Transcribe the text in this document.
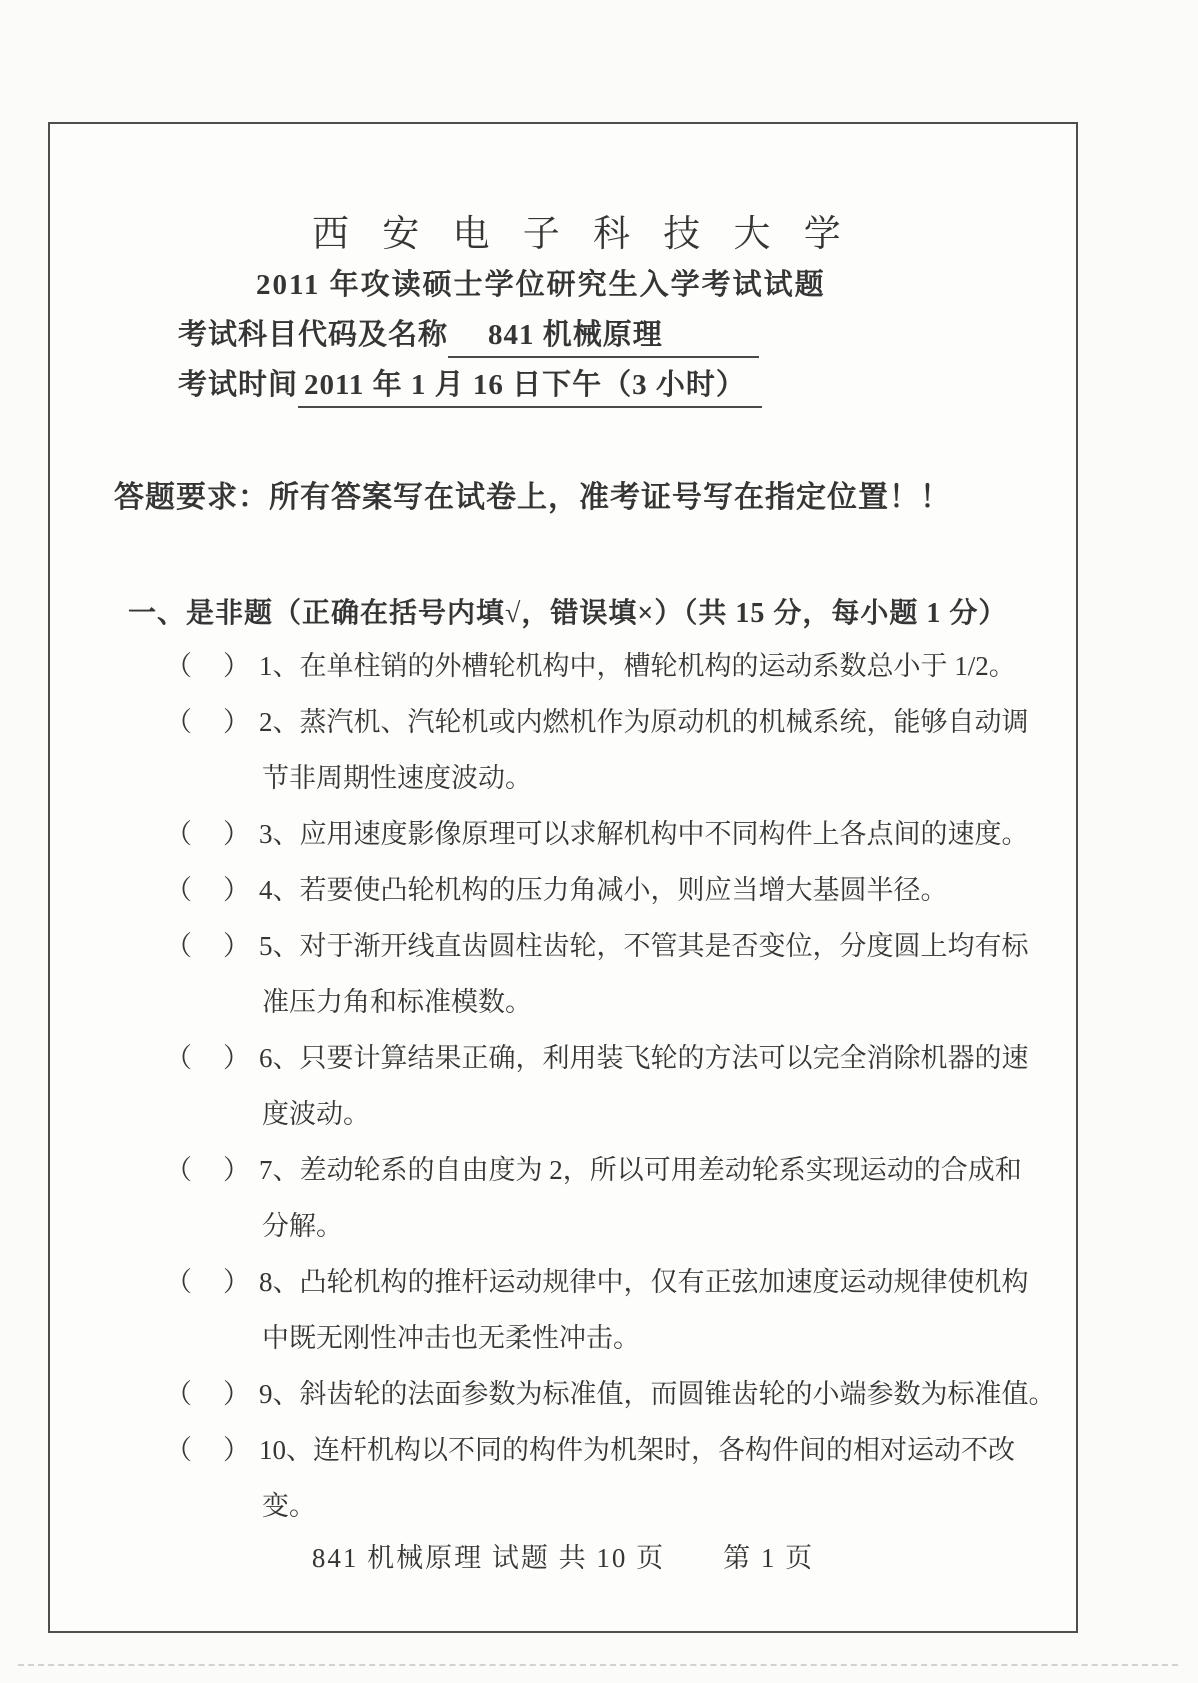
西 安 电 子 科 技 大 学
2011 年攻读硕士学位研究生入学考试试题
考试科目代码及名称 841 机械原理
考试时间 2011 年 1 月 16 日下午（3 小时）
答题要求：所有答案写在试卷上，准考证号写在指定位置！！
一、是非题（正确在括号内填√，错误填×）（共 15 分，每小题 1 分）
（　） 1、在单柱销的外槽轮机构中，槽轮机构的运动系数总小于 1/2。
（　） 2、蒸汽机、汽轮机或内燃机作为原动机的机械系统，能够自动调
节非周期性速度波动。
（　） 3、应用速度影像原理可以求解机构中不同构件上各点间的速度。
（　） 4、若要使凸轮机构的压力角减小，则应当增大基圆半径。
（　） 5、对于渐开线直齿圆柱齿轮，不管其是否变位，分度圆上均有标
准压力角和标准模数。
（　） 6、只要计算结果正确，利用装飞轮的方法可以完全消除机器的速
度波动。
（　） 7、差动轮系的自由度为 2，所以可用差动轮系实现运动的合成和
分解。
（　） 8、凸轮机构的推杆运动规律中，仅有正弦加速度运动规律使机构
中既无刚性冲击也无柔性冲击。
（　） 9、斜齿轮的法面参数为标准值，而圆锥齿轮的小端参数为标准值。
（　） 10、连杆机构以不同的构件为机架时，各构件间的相对运动不改
变。
841 机械原理 试题 共 10 页　　第 1 页
